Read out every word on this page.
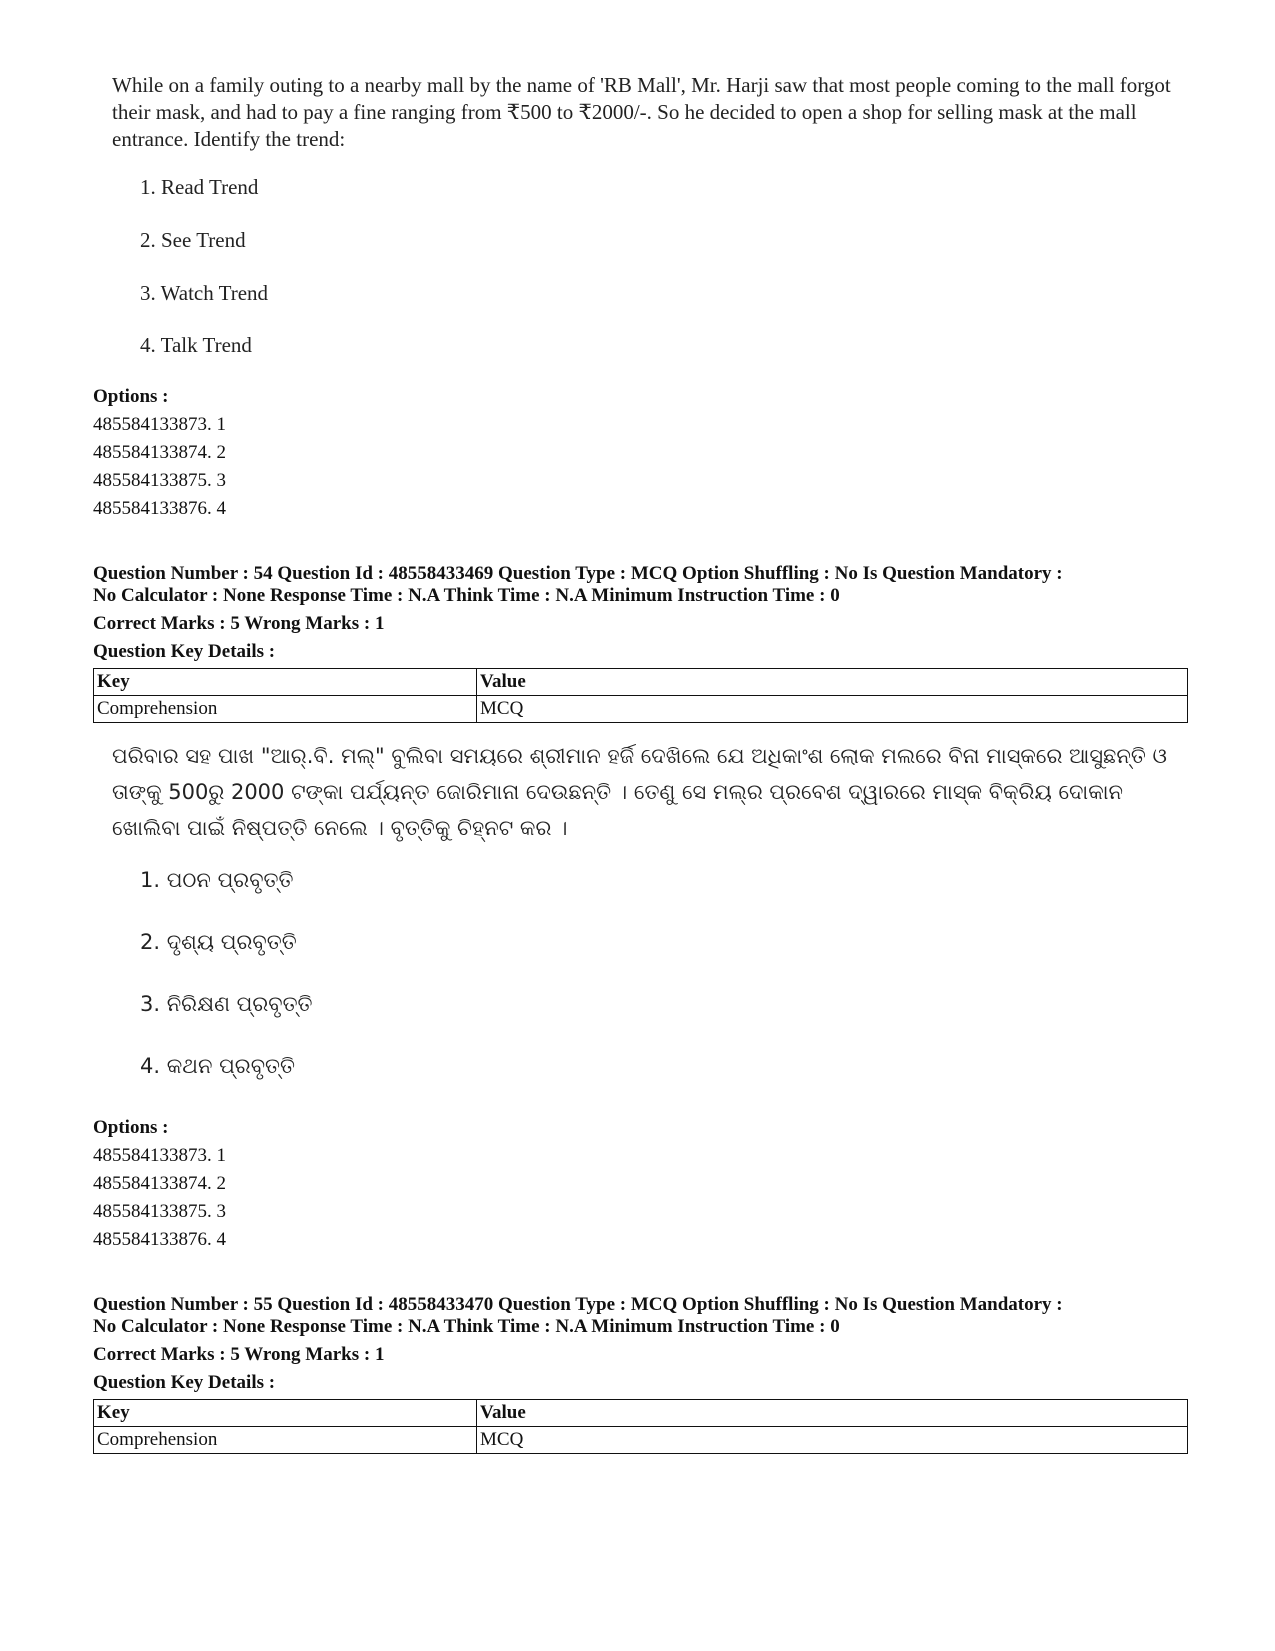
While on a family outing to a nearby mall by the name of 'RB Mall', Mr. Harji saw that most people coming to the mall forgot their mask, and had to pay a fine ranging from ₹500 to ₹2000/-. So he decided to open a shop for selling mask at the mall entrance. Identify the trend:
1. Read Trend
2. See Trend
3. Watch Trend
4. Talk Trend
Options :
485584133873. 1
485584133874. 2
485584133875. 3
485584133876. 4
Question Number : 54 Question Id : 48558433469 Question Type : MCQ Option Shuffling : No Is Question Mandatory :
No Calculator : None Response Time : N.A Think Time : N.A Minimum Instruction Time : 0
Correct Marks : 5 Wrong Marks : 1
Question Key Details :
Key	Value
Comprehension	MCQ
ପରିବାର ସହ ପାଖ "ଆର୍.ବି. ମଲ୍" ବୁଲିବା ସମୟରେ ଶ୍ରୀମାନ ହର୍ଜି ଦେଖିଲେ ଯେ ଅଧିକାଂଶ ଲୋକ ମଲରେ ବିନା ମାସ୍କରେ ଆସୁଛନ୍ତି ଓ ତାଙ୍କୁ 500ରୁ 2000 ଟଙ୍କା ପର୍ଯ୍ୟନ୍ତ ଜୋରିମାନା ଦେଉଛନ୍ତି । ତେଣୁ ସେ ମଲ୍‌ର ପ୍ରବେଶ ଦ୍ୱାରରେ ମାସ୍କ ବିକ୍ରିୟ ଦୋକାନ ଖୋଲିବା ପାଇଁ ନିଷ୍ପତ୍ତି ନେଲେ । ବୃତ୍ତିକୁ ଚିହ୍ନଟ କର ।
1. ପଠନ ପ୍ରବୃତ୍ତି
2. ଦୃଶ୍ୟ ପ୍ରବୃତ୍ତି
3. ନିରିକ୍ଷଣ ପ୍ରବୃତ୍ତି
4. କଥନ ପ୍ରବୃତ୍ତି
Options :
485584133873. 1
485584133874. 2
485584133875. 3
485584133876. 4
Question Number : 55 Question Id : 48558433470 Question Type : MCQ Option Shuffling : No Is Question Mandatory :
No Calculator : None Response Time : N.A Think Time : N.A Minimum Instruction Time : 0
Correct Marks : 5 Wrong Marks : 1
Question Key Details :
Key	Value
Comprehension	MCQ
